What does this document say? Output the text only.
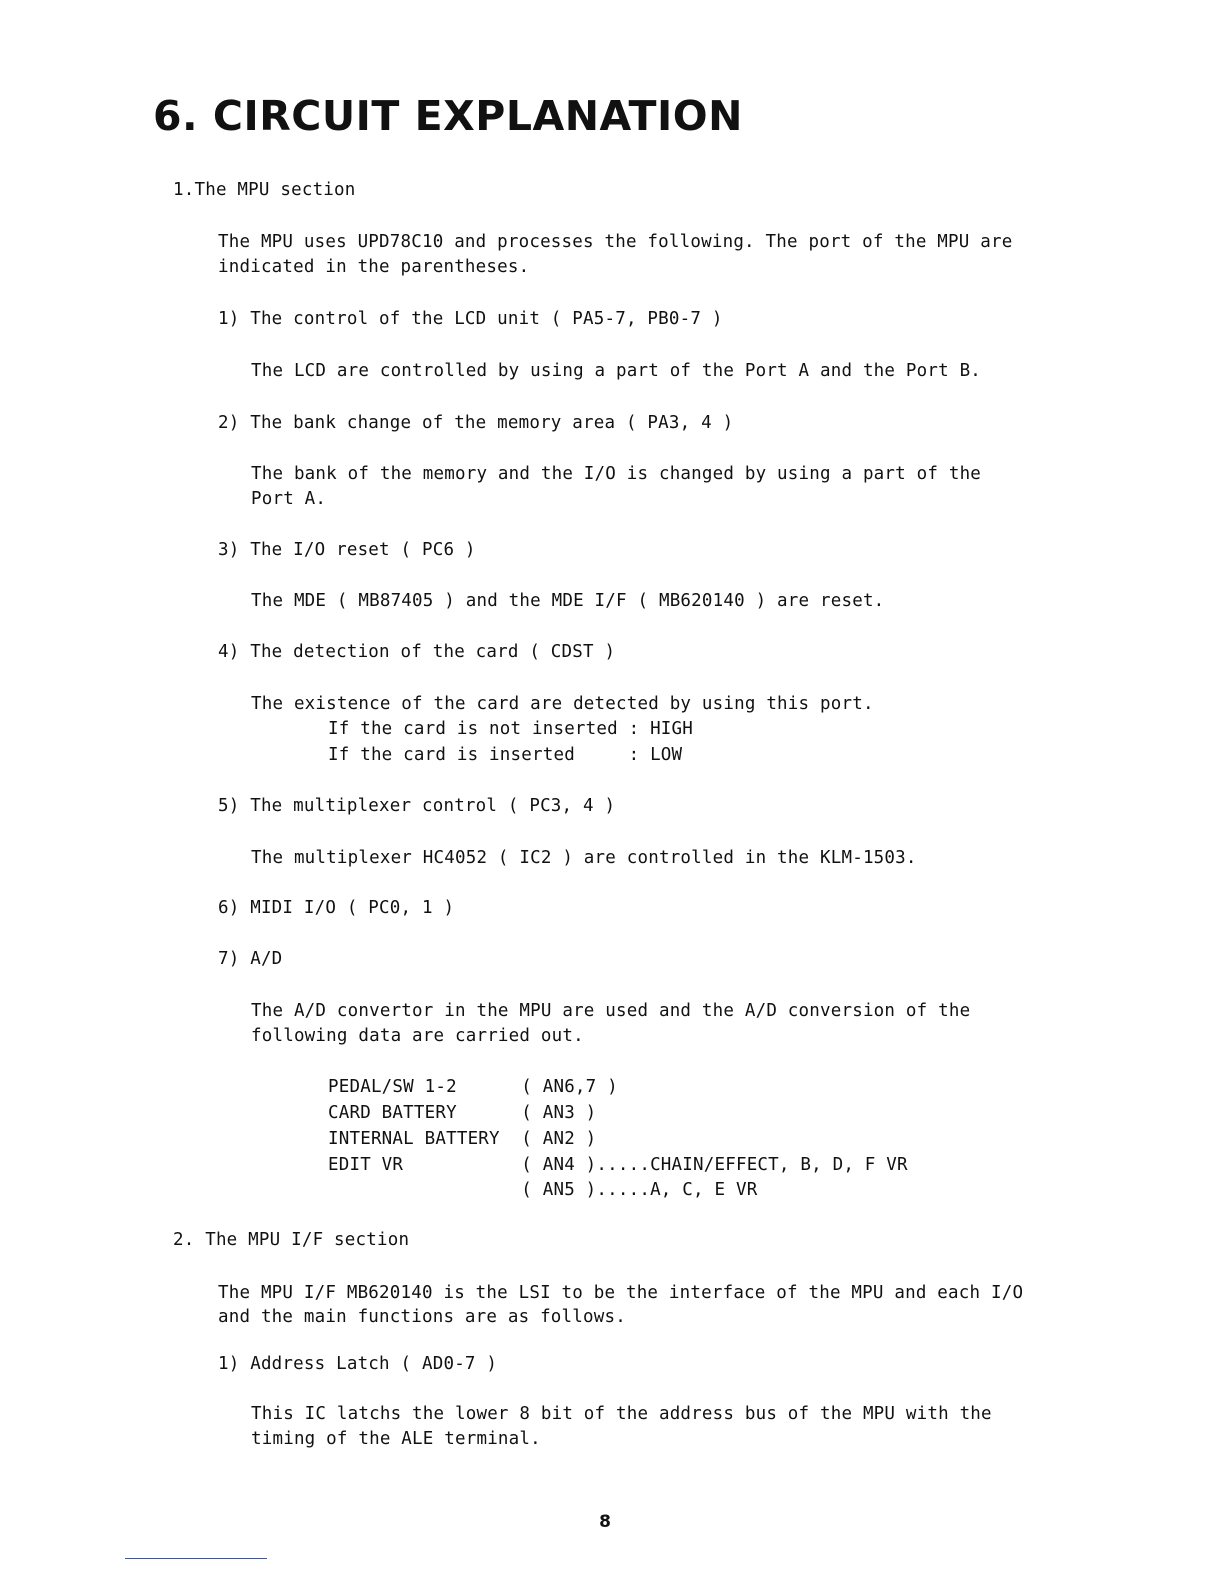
6. CIRCUIT EXPLANATION
1.The MPU section
The MPU uses UPD78C10 and processes the following. The port of the MPU are
indicated in the parentheses.
1) The control of the LCD unit ( PA5-7, PB0-7 )
The LCD are controlled by using a part of the Port A and the Port B.
2) The bank change of the memory area ( PA3, 4 )
The bank of the memory and the I/O is changed by using a part of the
Port A.
3) The I/O reset ( PC6 )
The MDE ( MB87405 ) and the MDE I/F ( MB620140 ) are reset.
4) The detection of the card ( CDST )
The existence of the card are detected by using this port.
If the card is not inserted : HIGH
If the card is inserted     : LOW
5) The multiplexer control ( PC3, 4 )
The multiplexer HC4052 ( IC2 ) are controlled in the KLM-1503.
6) MIDI I/O ( PC0, 1 )
7) A/D
The A/D convertor in the MPU are used and the A/D conversion of the
following data are carried out.
PEDAL/SW 1-2      ( AN6,7 )
CARD BATTERY      ( AN3 )
INTERNAL BATTERY  ( AN2 )
EDIT VR           ( AN4 ).....CHAIN/EFFECT, B, D, F VR
( AN5 ).....A, C, E VR
2. The MPU I/F section
The MPU I/F MB620140 is the LSI to be the interface of the MPU and each I/O
and the main functions are as follows.
1) Address Latch ( AD0-7 )
This IC latchs the lower 8 bit of the address bus of the MPU with the
timing of the ALE terminal.
8
